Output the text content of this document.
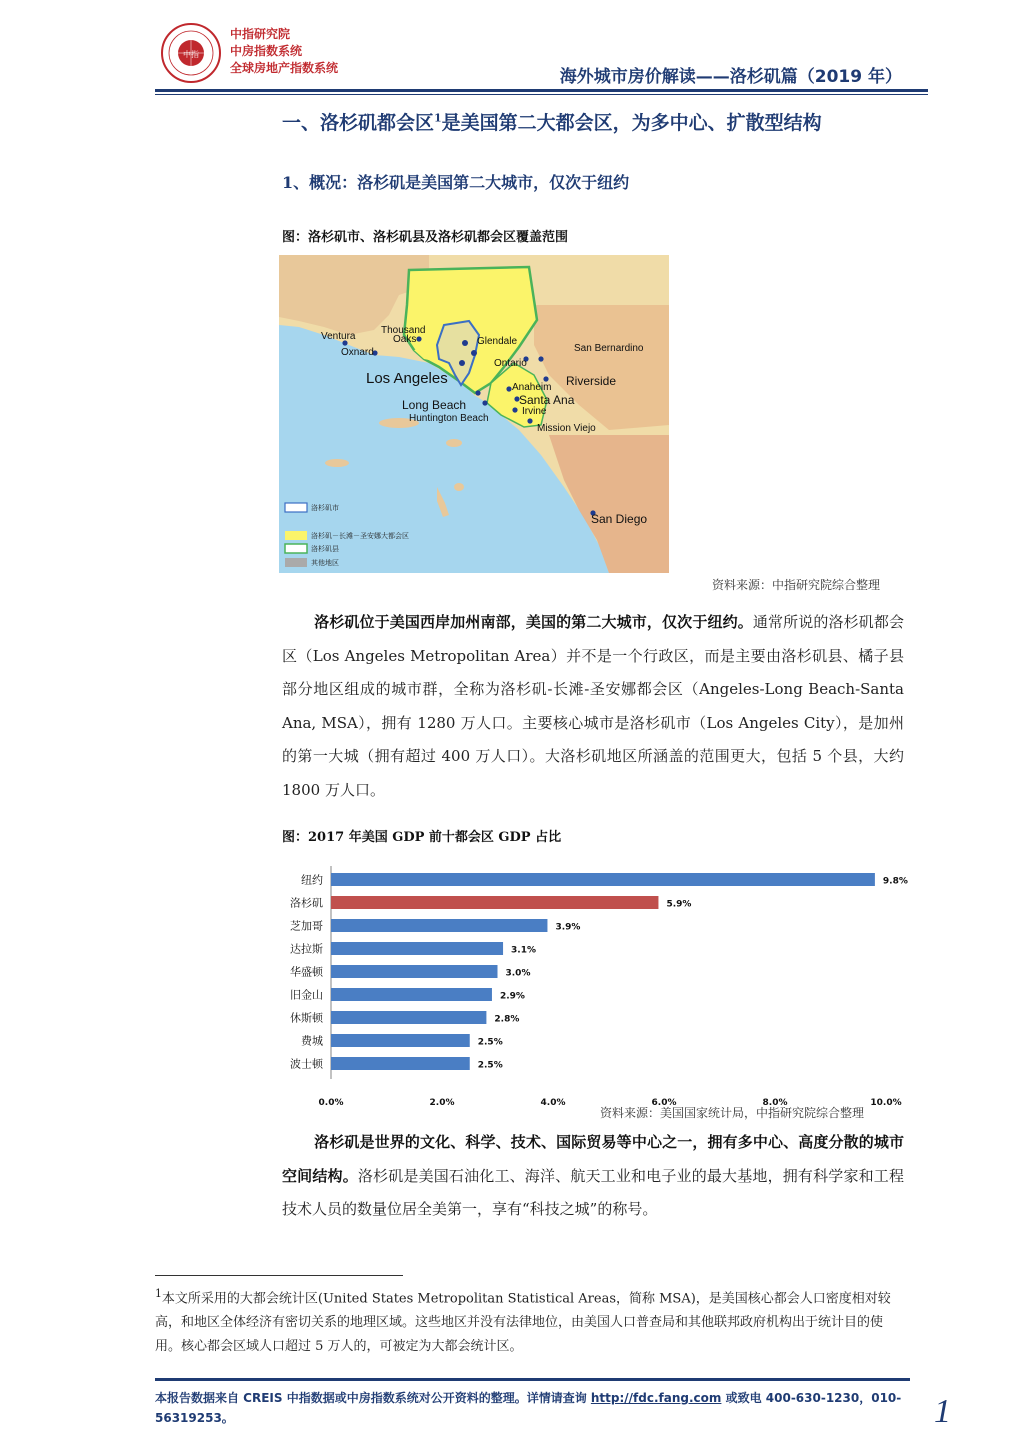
中指
中指研究院
中房指数系统
全球房地产指数系统	海外城市房价解读——洛杉矶篇（2019 年）
一、洛杉矶都会区$^1$是美国第二大都会区，为多中心、扩散型结构
1、概况：洛杉矶是美国第二大城市，仅次于纽约
图：洛杉矶市、洛杉矶县及洛杉矶都会区覆盖范围
Ventura
Oxnard
Thousand
Oaks	Glendale
Ontario
San Bernardino
Los Angeles	Riverside
Anaheim
Santa Ana
Irvine
Long Beach
Huntington Beach
Mission Viejo
San Diego
洛杉矶市
洛杉矶－长滩－圣安娜大都会区
洛杉矶县
其他地区
资料来源：中指研究院综合整理
洛杉矶位于美国西岸加州南部，美国的第二大城市，仅次于纽约。通常所说的洛杉矶都会区（Los Angeles Metropolitan Area）并不是一个行政区，而是主要由洛杉矶县、橘子县部分地区组成的城市群，全称为洛杉矶-长滩-圣安娜都会区（Angeles-Long Beach-Santa Ana, MSA），拥有 1280 万人口。主要核心城市是洛杉矶市（Los Angeles City），是加州的第一大城（拥有超过 400 万人口）。大洛杉矶地区所涵盖的范围更大，包括 5 个县，大约 1800 万人口。
图：2017 年美国 GDP 前十都会区 GDP 占比
纽约	9.8%
洛杉矶	5.9%
芝加哥	3.9%
达拉斯	3.1%
华盛顿	3.0%
旧金山	2.9%
休斯顿	2.8%
费城	2.5%
波士顿	2.5%
0.0%	2.0%	4.0%	6.0%	8.0%	10.0%
资料来源：美国国家统计局，中指研究院综合整理
洛杉矶是世界的文化、科学、技术、国际贸易等中心之一，拥有多中心、高度分散的城市空间结构。洛杉矶是美国石油化工、海洋、航天工业和电子业的最大基地，拥有科学家和工程技术人员的数量位居全美第一，享有“科技之城”的称号。
$^1$本文所采用的大都会统计区(United States Metropolitan Statistical Areas，简称 MSA)，是美国核心都会人口密度相对较高，和地区全体经济有密切关系的地理区域。这些地区并没有法律地位，由美国人口普查局和其他联邦政府机构出于统计目的使用。核心都会区域人口超过 5 万人的，可被定为大都会统计区。
本报告数据来自 CREIS 中指数据或中房指数系统对公开资料的整理。详情请查询 http://fdc.fang.com 或致电 400-630-1230，010-56319253。	1
